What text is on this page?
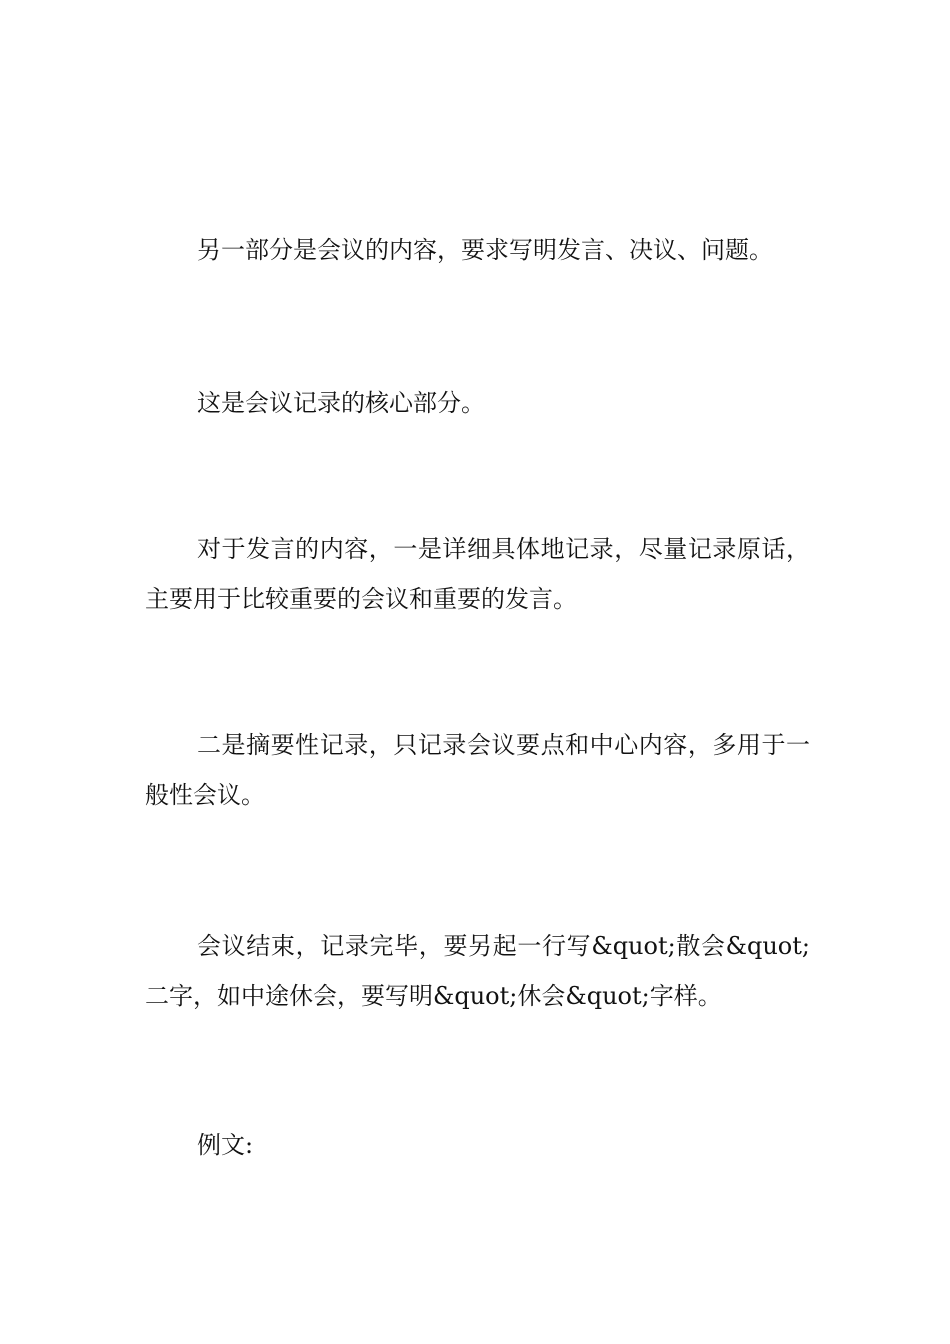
另一部分是会议的内容，要求写明发言、决议、问题。

这是会议记录的核心部分。

对于发言的内容，一是详细具体地记录，尽量记录原话，主要用于比较重要的会议和重要的发言。

二是摘要性记录，只记录会议要点和中心内容，多用于一般性会议。

会议结束，记录完毕，要另起一行写&quot;散会&quot;二字，如中途休会，要写明&quot;休会&quot;字样。

例文:
